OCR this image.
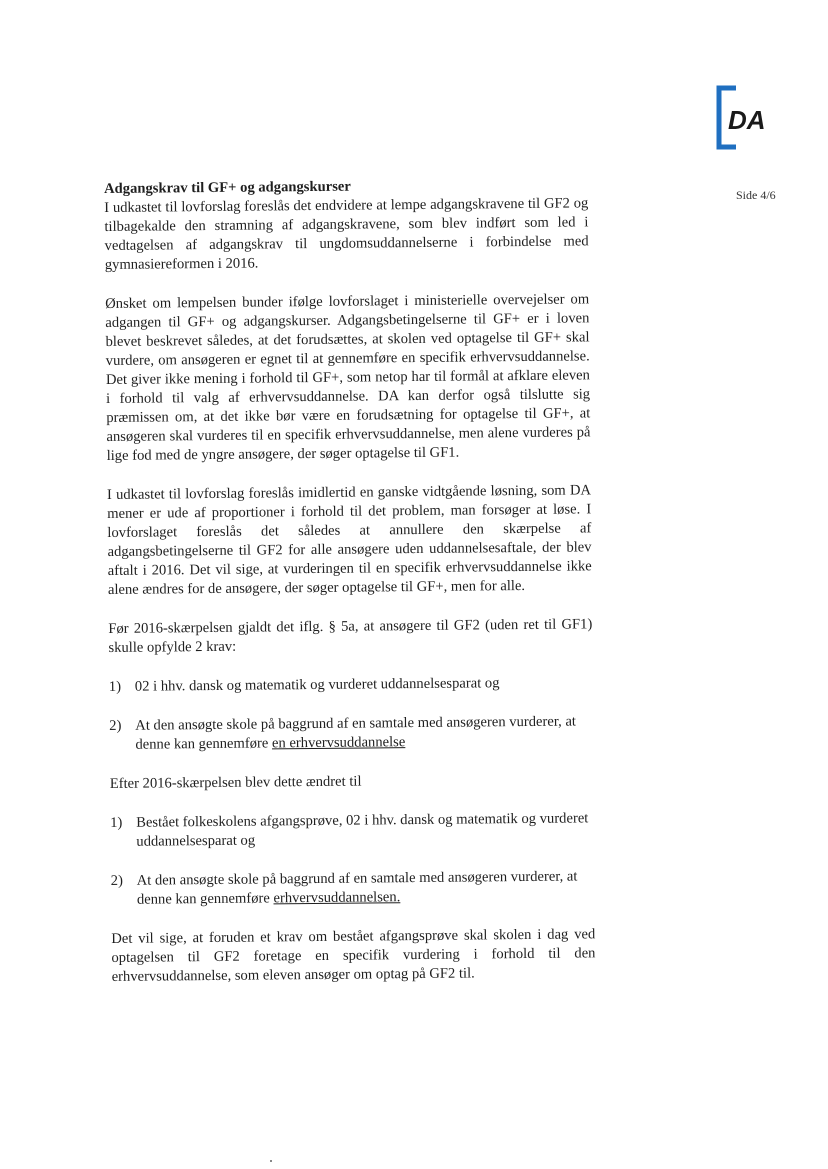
DA
Side 4/6
Adgangskrav til GF+ og adgangskurser

I udkastet til lovforslag foreslås det endvidere at lempe adgangskravene til GF2 og tilbagekalde den stramning af adgangskravene, som blev indført som led i vedtagelsen af adgangskrav til ungdomsuddannelserne i forbindelse med gymnasiereformen i 2016.

Ønsket om lempelsen bunder ifølge lovforslaget i ministerielle overvejelser om adgangen til GF+ og adgangskurser. Adgangsbetingelserne til GF+ er i loven blevet beskrevet således, at det forudsættes, at skolen ved optagelse til GF+ skal vurdere, om ansøgeren er egnet til at gennemføre en specifik erhvervsuddannelse. Det giver ikke mening i forhold til GF+, som netop har til formål at afklare eleven i forhold til valg af erhvervsuddannelse. DA kan derfor også tilslutte sig præmissen om, at det ikke bør være en forudsætning for optagelse til GF+, at ansøgeren skal vurderes til en specifik erhvervsuddannelse, men alene vurderes på lige fod med de yngre ansøgere, der søger optagelse til GF1.

I udkastet til lovforslag foreslås imidlertid en ganske vidtgående løsning, som DA mener er ude af proportioner i forhold til det problem, man forsøger at løse. I lovforslaget foreslås det således at annullere den skærpelse af adgangsbetingelserne til GF2 for alle ansøgere uden uddannelsesaftale, der blev aftalt i 2016. Det vil sige, at vurderingen til en specifik erhvervsuddannelse ikke alene ændres for de ansøgere, der søger optagelse til GF+, men for alle.

Før 2016-skærpelsen gjaldt det iflg. § 5a, at ansøgere til GF2 (uden ret til GF1) skulle opfylde 2 krav:

1) 02 i hhv. dansk og matematik og vurderet uddannelsesparat og
2) At den ansøgte skole på baggrund af en samtale med ansøgeren vurderer, at denne kan gennemføre en erhvervsuddannelse

Efter 2016-skærpelsen blev dette ændret til

1) Bestået folkeskolens afgangsprøve, 02 i hhv. dansk og matematik og vurderet uddannelsesparat og
2) At den ansøgte skole på baggrund af en samtale med ansøgeren vurderer, at denne kan gennemføre erhvervsuddannelsen.

Det vil sige, at foruden et krav om bestået afgangsprøve skal skolen i dag ved optagelsen til GF2 foretage en specifik vurdering i forhold til den erhvervsuddannelse, som eleven ansøger om optag på GF2 til.
